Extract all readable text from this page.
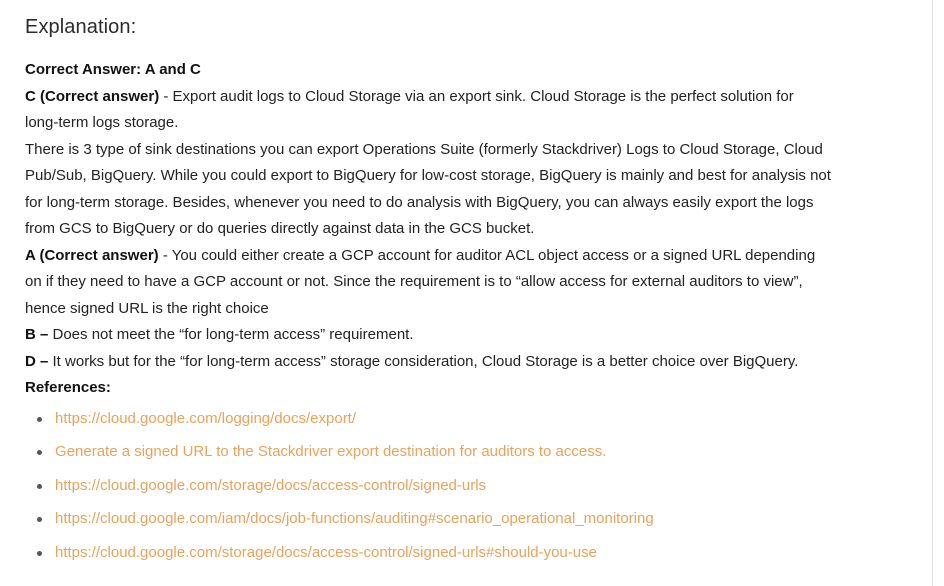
Explanation:
Correct Answer: A and C
C (Correct answer) - Export audit logs to Cloud Storage via an export sink. Cloud Storage is the perfect solution for
long-term logs storage.
There is 3 type of sink destinations you can export Operations Suite (formerly Stackdriver) Logs to Cloud Storage, Cloud
Pub/Sub, BigQuery. While you could export to BigQuery for low-cost storage, BigQuery is mainly and best for analysis not
for long-term storage. Besides, whenever you need to do analysis with BigQuery, you can always easily export the logs
from GCS to BigQuery or do queries directly against data in the GCS bucket.
A (Correct answer) - You could either create a GCP account for auditor ACL object access or a signed URL depending
on if they need to have a GCP account or not. Since the requirement is to “allow access for external auditors to view”,
hence signed URL is the right choice
B – Does not meet the “for long-term access” requirement.
D – It works but for the “for long-term access” storage consideration, Cloud Storage is a better choice over BigQuery.
References:
https://cloud.google.com/logging/docs/export/
Generate a signed URL to the Stackdriver export destination for auditors to access.
https://cloud.google.com/storage/docs/access-control/signed-urls
https://cloud.google.com/iam/docs/job-functions/auditing#scenario_operational_monitoring
https://cloud.google.com/storage/docs/access-control/signed-urls#should-you-use
